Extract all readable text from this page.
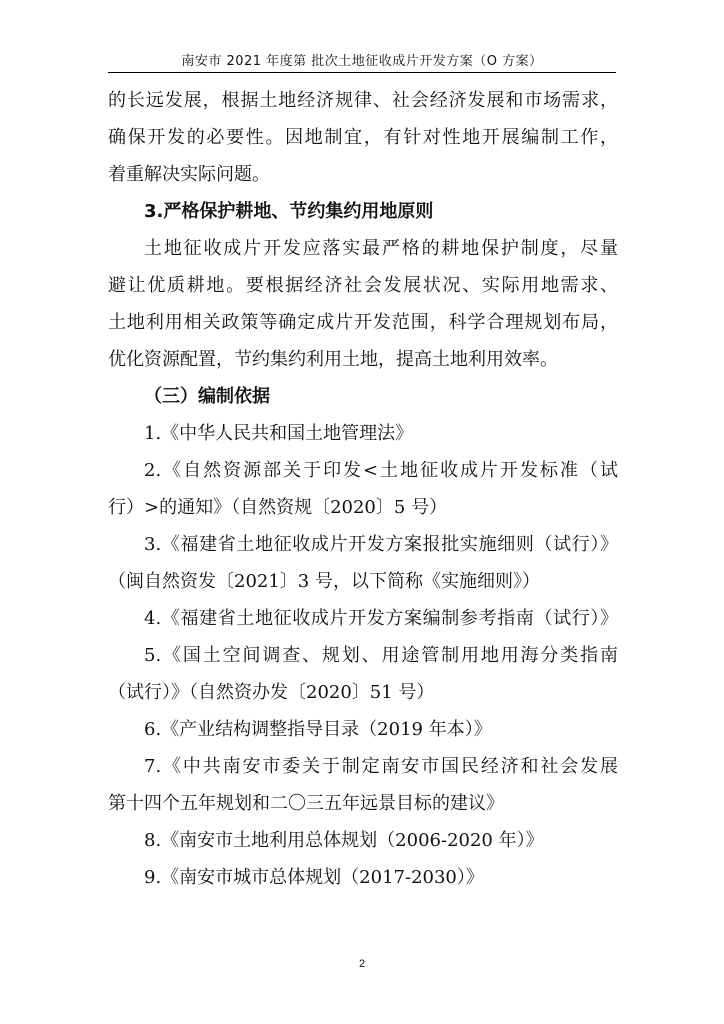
南安市 2021 年度第 批次土地征收成片开发方案（O 方案）
的长远发展，根据土地经济规律、社会经济发展和市场需求，
确保开发的必要性。因地制宜，有针对性地开展编制工作，
着重解决实际问题。
3.严格保护耕地、节约集约用地原则
土地征收成片开发应落实最严格的耕地保护制度，尽量
避让优质耕地。要根据经济社会发展状况、实际用地需求、
土地利用相关政策等确定成片开发范围，科学合理规划布局，
优化资源配置，节约集约利用土地，提高土地利用效率。
（三）编制依据
1.《中华人民共和国土地管理法》
2.《自然资源部关于印发<土地征收成片开发标准（试
行）>的通知》（自然资规〔2020〕5 号）
3.《福建省土地征收成片开发方案报批实施细则（试行）》
（闽自然资发〔2021〕3 号，以下简称《实施细则》）
4.《福建省土地征收成片开发方案编制参考指南（试行）》
5.《国土空间调查、规划、用途管制用地用海分类指南
（试行）》（自然资办发〔2020〕51 号）
6.《产业结构调整指导目录（2019 年本）》
7.《中共南安市委关于制定南安市国民经济和社会发展
第十四个五年规划和二〇三五年远景目标的建议》
8.《南安市土地利用总体规划（2006-2020 年）》
9.《南安市城市总体规划（2017-2030）》
2
